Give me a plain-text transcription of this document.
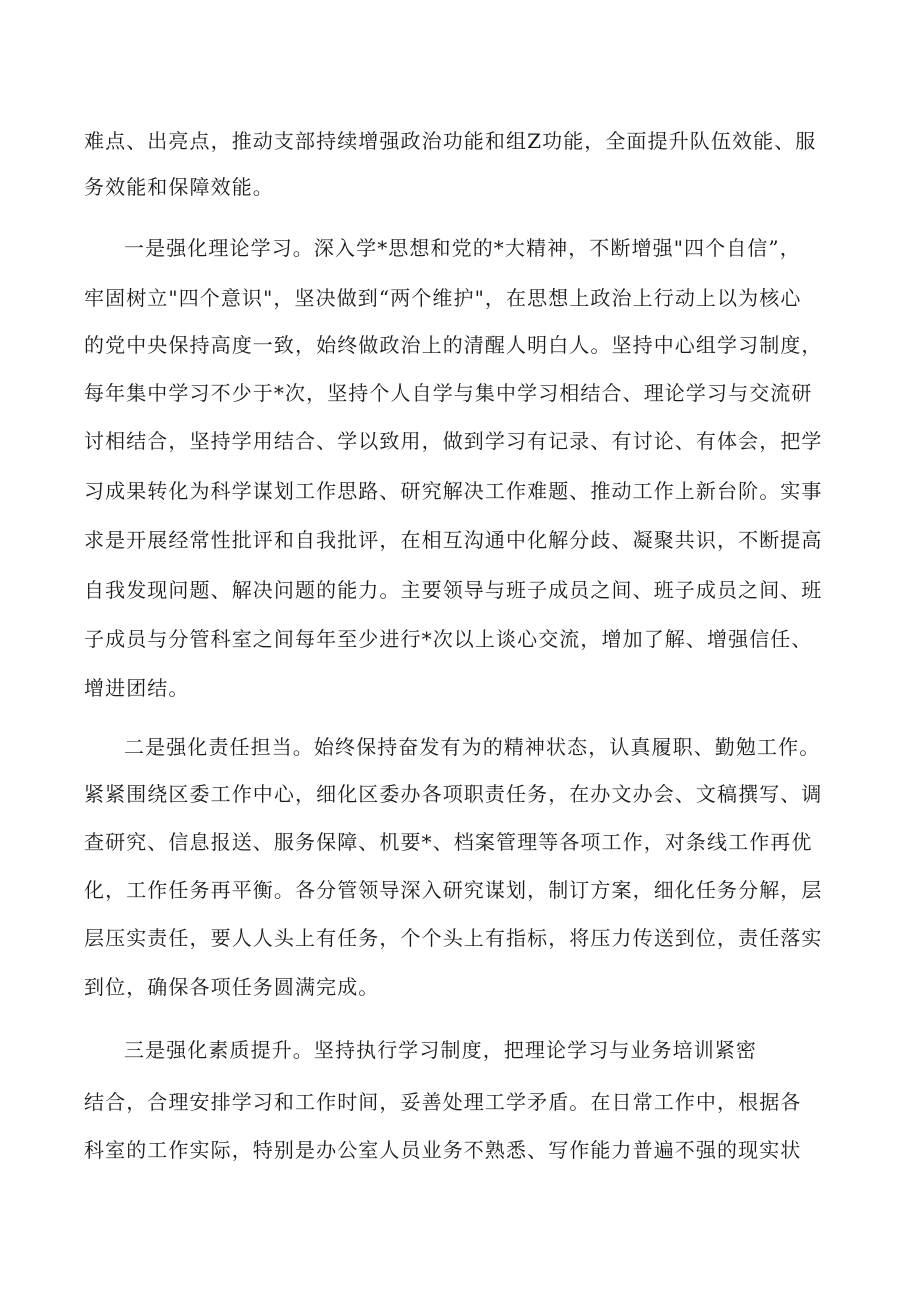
难点、出亮点，推动支部持续增强政治功能和组Z功能，全面提升队伍效能、服
务效能和保障效能。
一是强化理论学习。深入学*思想和党的*大精神，不断增强"四个自信”，
牢固树立"四个意识"，坚决做到“两个维护"，在思想上政治上行动上以为核心
的党中央保持高度一致，始终做政治上的清醒人明白人。坚持中心组学习制度，
每年集中学习不少于*次，坚持个人自学与集中学习相结合、理论学习与交流研
讨相结合，坚持学用结合、学以致用，做到学习有记录、有讨论、有体会，把学
习成果转化为科学谋划工作思路、研究解决工作难题、推动工作上新台阶。实事
求是开展经常性批评和自我批评，在相互沟通中化解分歧、凝聚共识，不断提高
自我发现问题、解决问题的能力。主要领导与班子成员之间、班子成员之间、班
子成员与分管科室之间每年至少进行*次以上谈心交流，增加了解、增强信任、
增进团结。
二是强化责任担当。始终保持奋发有为的精神状态，认真履职、勤勉工作。
紧紧围绕区委工作中心，细化区委办各项职责任务，在办文办会、文稿撰写、调
查研究、信息报送、服务保障、机要*、档案管理等各项工作，对条线工作再优
化，工作任务再平衡。各分管领导深入研究谋划，制订方案，细化任务分解，层
层压实责任，要人人头上有任务，个个头上有指标，将压力传送到位，责任落实
到位，确保各项任务圆满完成。
三是强化素质提升。坚持执行学习制度，把理论学习与业务培训紧密
结合，合理安排学习和工作时间，妥善处理工学矛盾。在日常工作中，根据各
科室的工作实际，特别是办公室人员业务不熟悉、写作能力普遍不强的现实状
